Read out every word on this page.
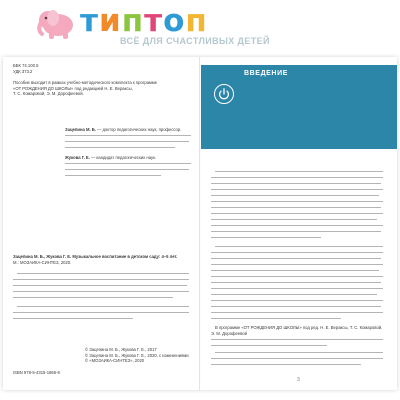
типтоп
ВСЁ ДЛЯ СЧАСТЛИВЫХ ДЕТЕЙ
ББК 74.100.5
УДК 373.2
Пособие выходит в рамках учебно-методического комплекта к программе
«ОТ РОЖДЕНИЯ ДО ШКОЛЫ» под редакцией Н. Е. Вераксы,
Т. С. Комаровой, Э. М. Дорофеевой.
Зацепина М. Б. — доктор педагогических наук, профессор.
Жукова Г. Е. — кандидат педагогических наук.
Зацепина М. Б., Жукова Г. Е. Музыкальное воспитание в детском саду: 4–5 лет.
М.: МОЗАИКА-СИНТЕЗ, 2020.
© Зацепина М. Б., Жукова Г. Е., 2017
© Зацепина М. Б., Жукова Г. Е., 2020, с изменениями
© «МОЗАИКА-СИНТЕЗ», 2020
ISBN 978-5-4315-1866-9
ВВЕДЕНИЕ
В программе «ОТ РОЖДЕНИЯ ДО ШКОЛЫ» под ред. Н. Е. Вераксы, Т. С. Комаровой, Э. М. Дорофеевой
3
